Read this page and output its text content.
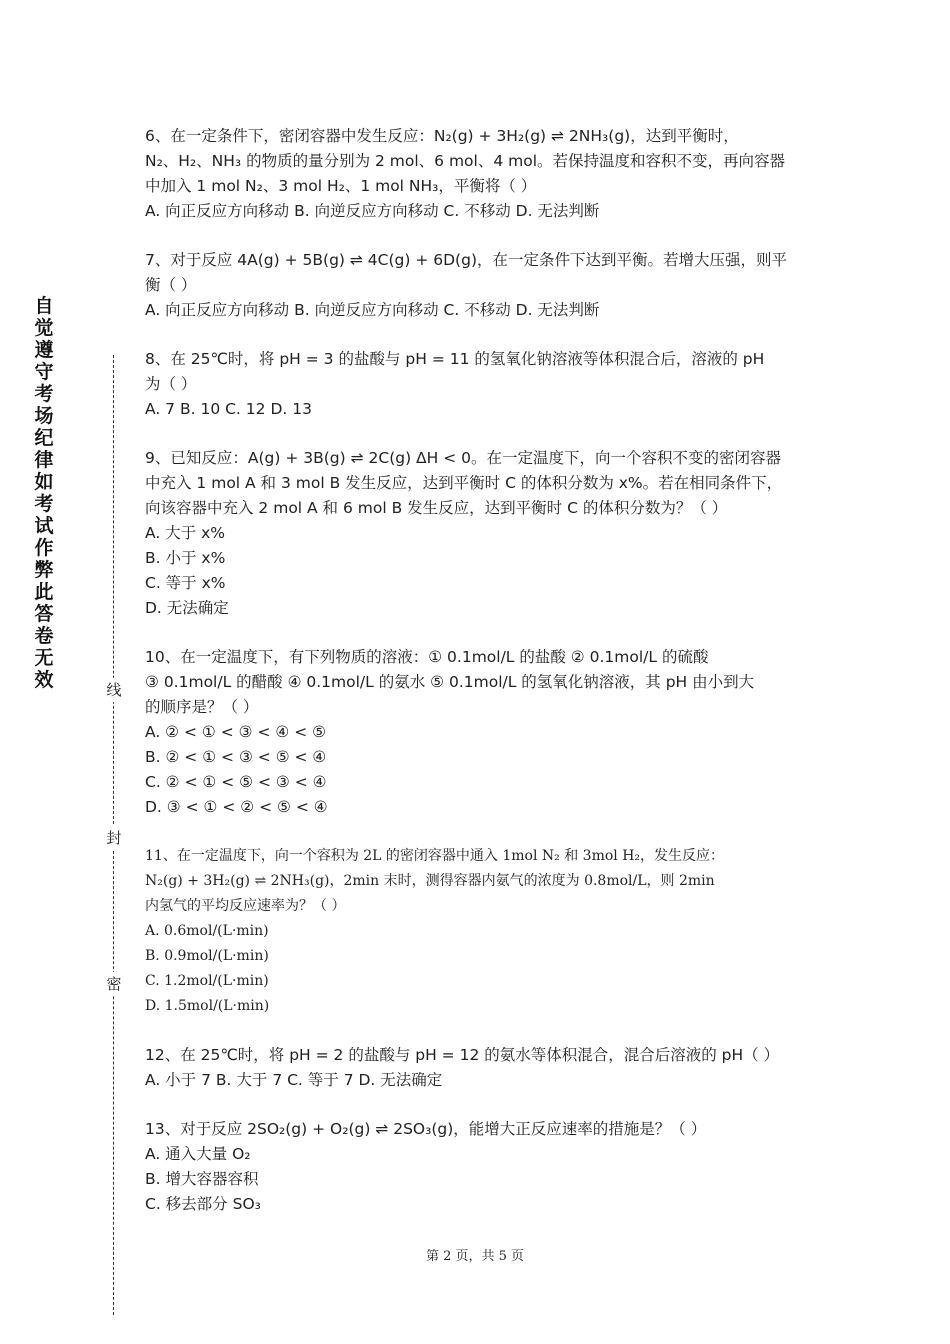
自觉遵守考场纪律如考试作弊此答卷无效	线
封
密
6、在一定条件下，密闭容器中发生反应：N₂(g) + 3H₂(g) ⇌ 2NH₃(g)，达到平衡时，
N₂、H₂、NH₃ 的物质的量分别为 2 mol、6 mol、4 mol。若保持温度和容积不变，再向容器
中加入 1 mol N₂、3 mol H₂、1 mol NH₃，平衡将（ ）
A. 向正反应方向移动 B. 向逆反应方向移动 C. 不移动 D. 无法判断
7、对于反应 4A(g) + 5B(g) ⇌ 4C(g) + 6D(g)，在一定条件下达到平衡。若增大压强，则平
衡（ ）
A. 向正反应方向移动 B. 向逆反应方向移动 C. 不移动 D. 无法判断
8、在 25℃时，将 pH = 3 的盐酸与 pH = 11 的氢氧化钠溶液等体积混合后，溶液的 pH
为（ ）
A. 7 B. 10 C. 12 D. 13
9、已知反应：A(g) + 3B(g) ⇌ 2C(g) ΔH < 0。在一定温度下，向一个容积不变的密闭容器
中充入 1 mol A 和 3 mol B 发生反应，达到平衡时 C 的体积分数为 x%。若在相同条件下，
向该容器中充入 2 mol A 和 6 mol B 发生反应，达到平衡时 C 的体积分数为？（ ）
A. 大于 x%
B. 小于 x%
C. 等于 x%
D. 无法确定
10、在一定温度下，有下列物质的溶液：① 0.1mol/L 的盐酸 ② 0.1mol/L 的硫酸
③ 0.1mol/L 的醋酸 ④ 0.1mol/L 的氨水 ⑤ 0.1mol/L 的氢氧化钠溶液，其 pH 由小到大
的顺序是？（ ）
A. ② < ① < ③ < ④ < ⑤
B. ② < ① < ③ < ⑤ < ④
C. ② < ① < ⑤ < ③ < ④
D. ③ < ① < ② < ⑤ < ④
11、在一定温度下，向一个容积为 2L 的密闭容器中通入 1mol N₂ 和 3mol H₂，发生反应：
N₂(g) + 3H₂(g) ⇌ 2NH₃(g)，2min 末时，测得容器内氨气的浓度为 0.8mol/L，则 2min
内氢气的平均反应速率为？（ ）
A. 0.6mol/(L·min)
B. 0.9mol/(L·min)
C. 1.2mol/(L·min)
D. 1.5mol/(L·min)
12、在 25℃时，将 pH = 2 的盐酸与 pH = 12 的氨水等体积混合，混合后溶液的 pH（ ）
A. 小于 7 B. 大于 7 C. 等于 7 D. 无法确定
13、对于反应 2SO₂(g) + O₂(g) ⇌ 2SO₃(g)，能增大正反应速率的措施是？（ ）
A. 通入大量 O₂
B. 增大容器容积
C. 移去部分 SO₃
第 2 页，共 5 页
